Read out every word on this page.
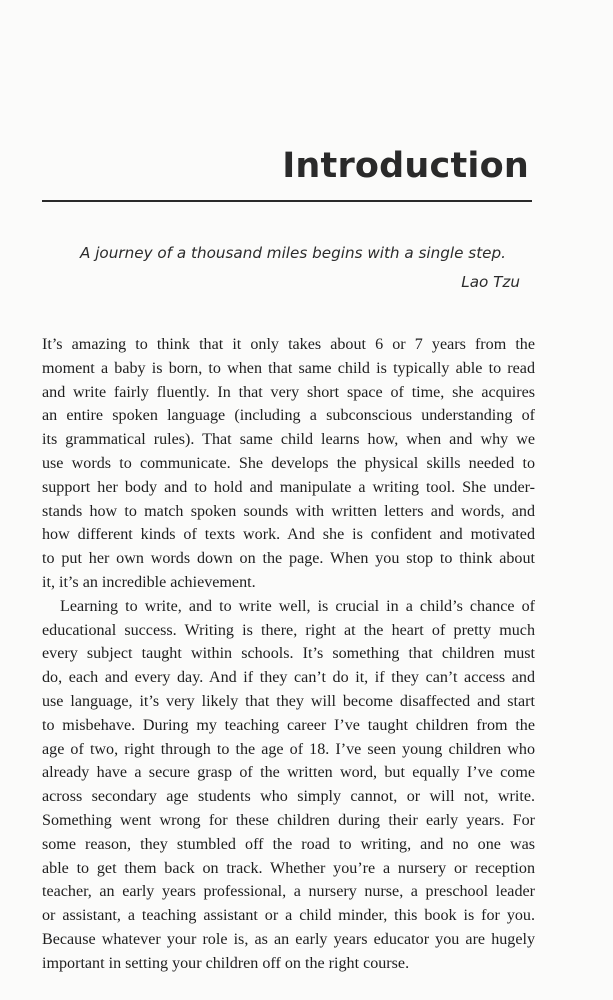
Introduction
A journey of a thousand miles begins with a single step.
Lao Tzu
It’s amazing to think that it only takes about 6 or 7 years from the
moment a baby is born, to when that same child is typically able to read
and write fairly fluently. In that very short space of time, she acquires
an entire spoken language (including a subconscious understanding of
its grammatical rules). That same child learns how, when and why we
use words to communicate. She develops the physical skills needed to
support her body and to hold and manipulate a writing tool. She under-
stands how to match spoken sounds with written letters and words, and
how different kinds of texts work. And she is confident and motivated
to put her own words down on the page. When you stop to think about
it, it’s an incredible achievement.
Learning to write, and to write well, is crucial in a child’s chance of
educational success. Writing is there, right at the heart of pretty much
every subject taught within schools. It’s something that children must
do, each and every day. And if they can’t do it, if they can’t access and
use language, it’s very likely that they will become disaffected and start
to misbehave. During my teaching career I’ve taught children from the
age of two, right through to the age of 18. I’ve seen young children who
already have a secure grasp of the written word, but equally I’ve come
across secondary age students who simply cannot, or will not, write.
Something went wrong for these children during their early years. For
some reason, they stumbled off the road to writing, and no one was
able to get them back on track. Whether you’re a nursery or reception
teacher, an early years professional, a nursery nurse, a preschool leader
or assistant, a teaching assistant or a child minder, this book is for you.
Because whatever your role is, as an early years educator you are hugely
important in setting your children off on the right course.
